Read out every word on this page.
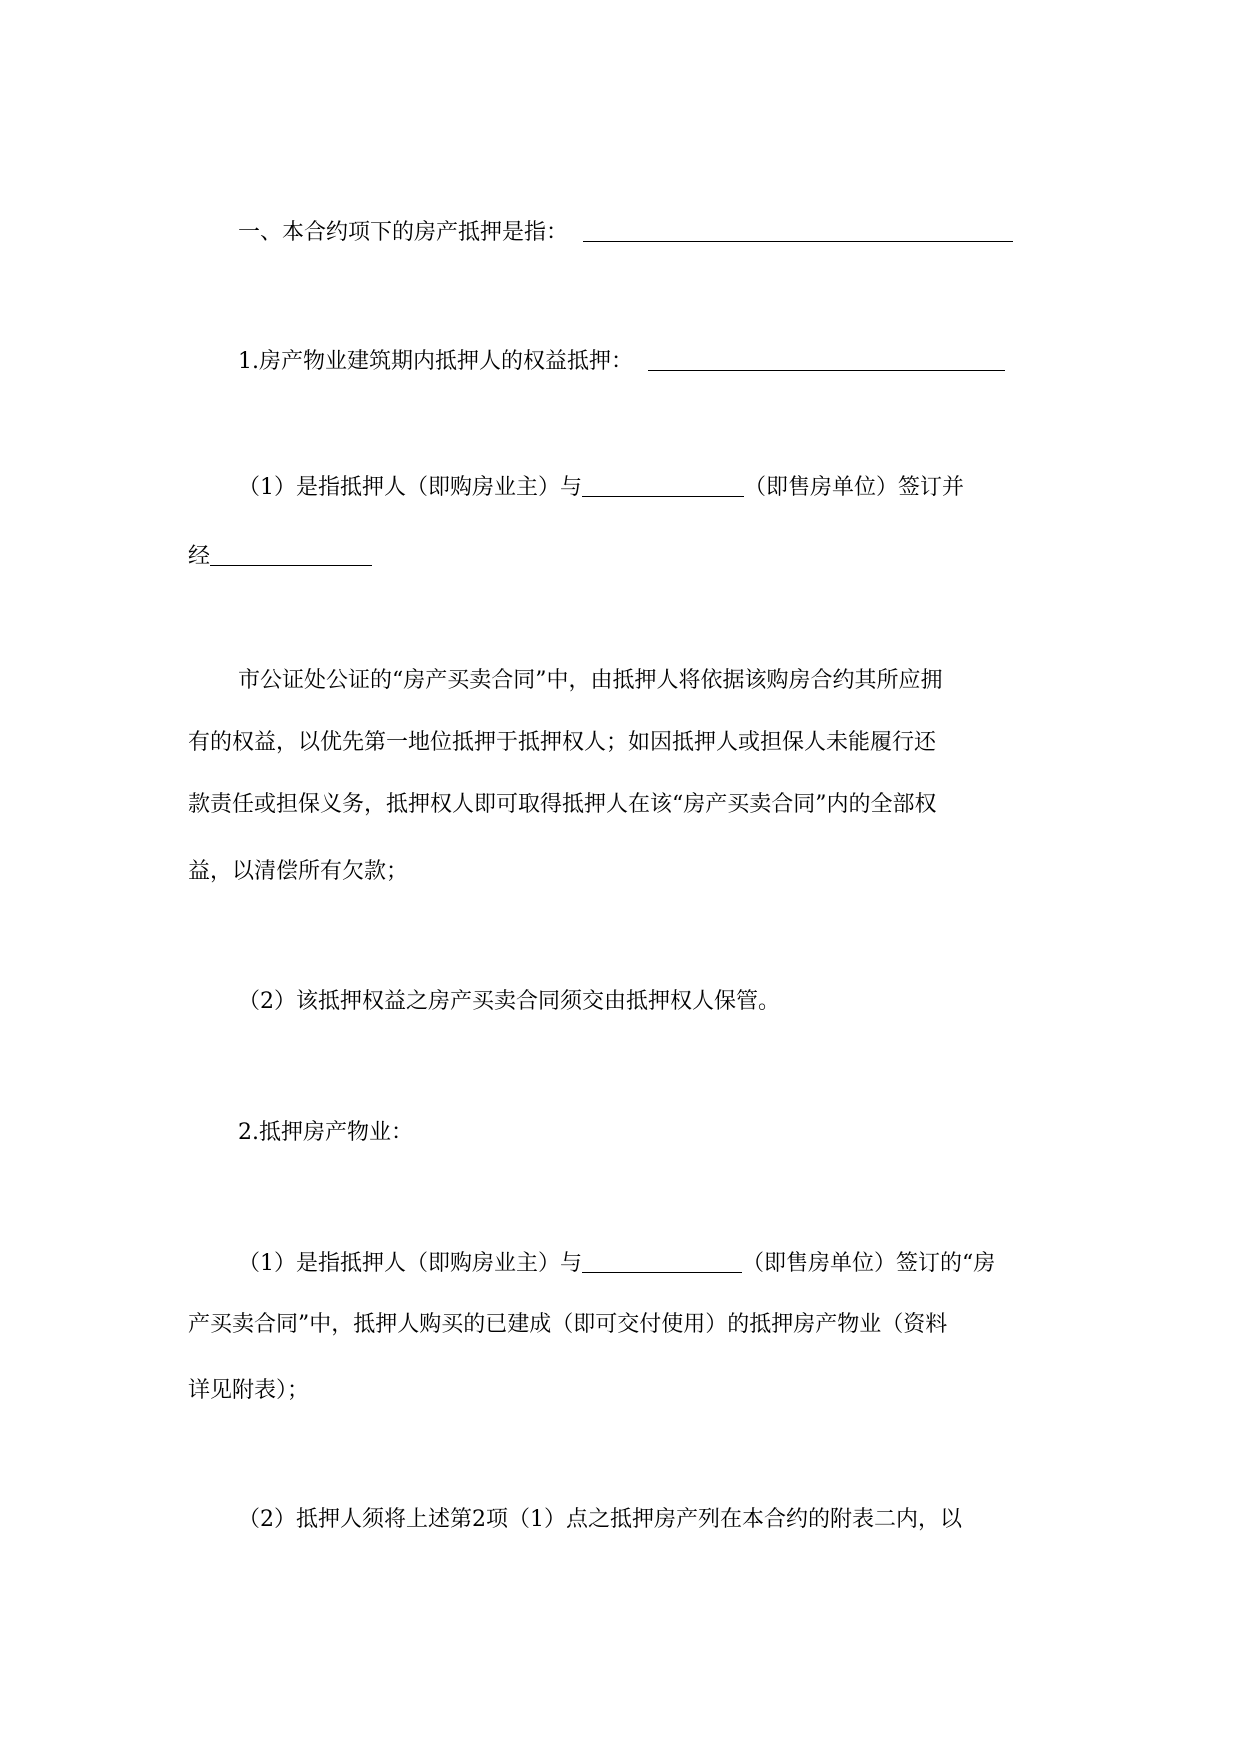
一、本合约项下的房产抵押是指：
1.房产物业建筑期内抵押人的权益抵押：
（1）是指抵押人（即购房业主）与	（即售房单位）签订并
经
市公证处公证的“房产买卖合同”中，由抵押人将依据该购房合约其所应拥
有的权益，以优先第一地位抵押于抵押权人；如因抵押人或担保人未能履行还
款责任或担保义务，抵押权人即可取得抵押人在该“房产买卖合同”内的全部权
益，以清偿所有欠款；
（2）该抵押权益之房产买卖合同须交由抵押权人保管。
2.抵押房产物业：
（1）是指抵押人（即购房业主）与	（即售房单位）签订的“房
产买卖合同”中，抵押人购买的已建成（即可交付使用）的抵押房产物业（资料
详见附表）；
（2）抵押人须将上述第2项（1）点之抵押房产列在本合约的附表二内，以
